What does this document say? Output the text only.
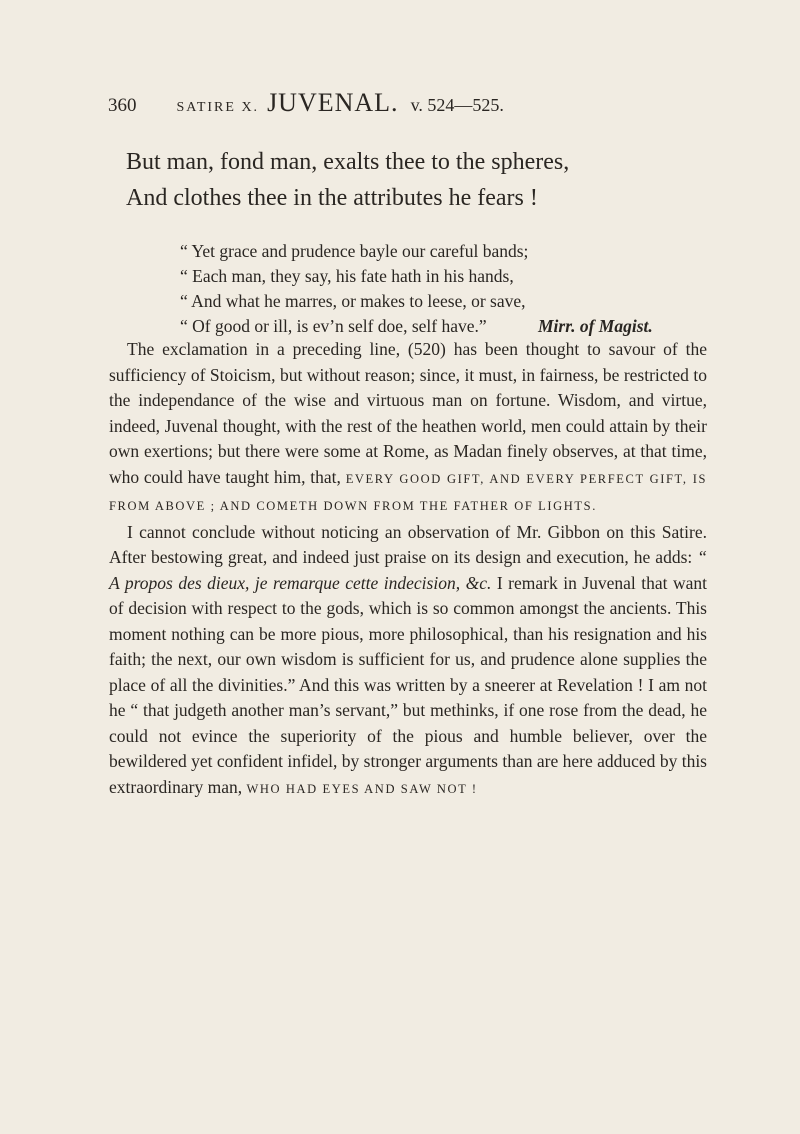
360	SATIRE X. JUVENAL. v. 524—525.
But man, fond man, exalts thee to the spheres,
And clothes thee in the attributes he fears !
“ Yet grace and prudence bayle our careful bands;
“ Each man, they say, his fate hath in his hands,
“ And what he marres, or makes to leese, or save,
“ Of good or ill, is ev’n self doe, self have.”	Mirr. of Magist.

The exclamation in a preceding line, (520) has been thought to savour of the sufficiency of Stoicism, but without reason; since, it must, in fairness, be restricted to the independance of the wise and virtuous man on fortune. Wisdom, and virtue, indeed, Juvenal thought, with the rest of the heathen world, men could attain by their own exertions; but there were some at Rome, as Madan finely observes, at that time, who could have taught him, that, EVERY GOOD GIFT, AND EVERY PERFECT GIFT, IS FROM ABOVE ; AND COMETH DOWN FROM THE FATHER OF LIGHTS.

I cannot conclude without noticing an observation of Mr. Gibbon on this Satire. After bestowing great, and indeed just praise on its design and execution, he adds: “ A propos des dieux, je remarque cette indecision, &c. I remark in Juvenal that want of decision with respect to the gods, which is so common amongst the ancients. This moment nothing can be more pious, more philosophical, than his resignation and his faith; the next, our own wisdom is sufficient for us, and prudence alone supplies the place of all the divinities.” And this was written by a sneerer at Revelation ! I am not he “ that judgeth another man’s servant,” but methinks, if one rose from the dead, he could not evince the superiority of the pious and humble believer, over the bewildered yet confident infidel, by stronger arguments than are here adduced by this extraordinary man, WHO HAD EYES AND SAW NOT !
